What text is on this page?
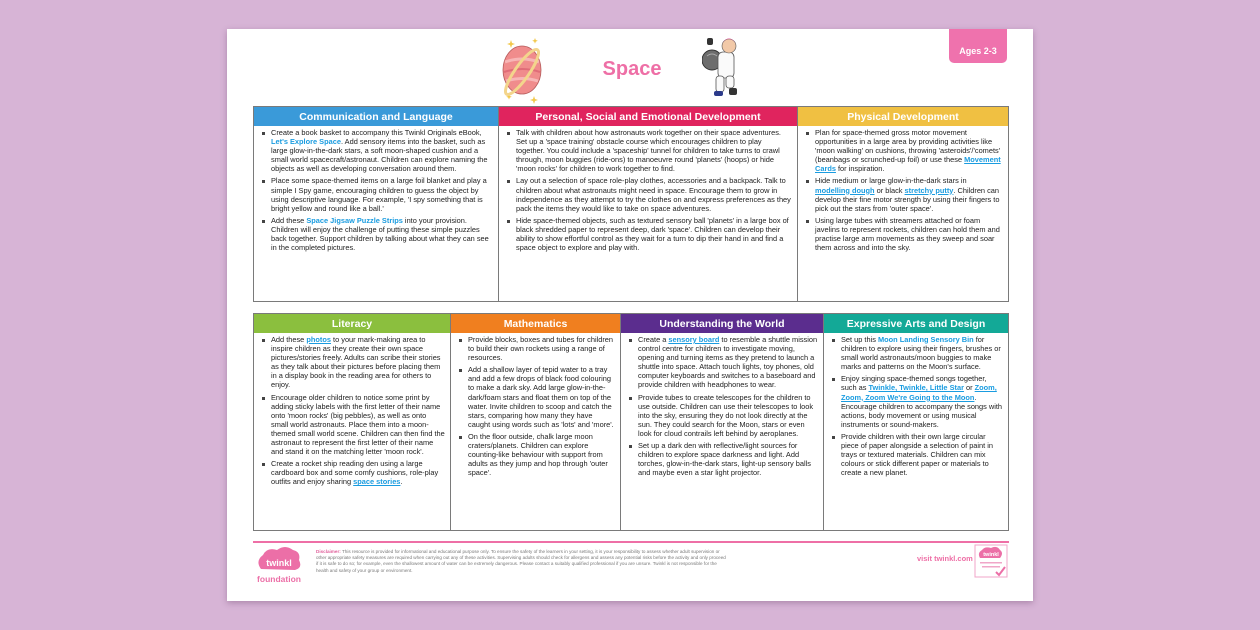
Ages 2-3
Space
Communication and Language
Create a book basket to accompany this Twinkl Originals eBook, Let's Explore Space. Add sensory items into the basket, such as large glow-in-the-dark stars, a soft moon-shaped cushion and a small world spacecraft/astronaut. Children can explore naming the objects as well as developing conversation around them.
Place some space-themed items on a large foil blanket and play a simple I Spy game, encouraging children to guess the object by using descriptive language. For example, 'I spy something that is bright yellow and round like a ball.'
Add these Space Jigsaw Puzzle Strips into your provision. Children will enjoy the challenge of putting these simple puzzles back together. Support children by talking about what they can see in the completed pictures.
Personal, Social and Emotional Development
Talk with children about how astronauts work together on their space adventures. Set up a 'space training' obstacle course which encourages children to play together. You could include a 'spaceship' tunnel for children to take turns to crawl through, moon buggies (ride-ons) to manoeuvre round 'planets' (hoops) or hide 'moon rocks' for children to work together to find.
Lay out a selection of space role-play clothes, accessories and a backpack. Talk to children about what astronauts might need in space. Encourage them to grow in independence as they attempt to try the clothes on and express preferences as they pack the items they would like to take on space adventures.
Hide space-themed objects, such as textured sensory ball 'planets' in a large box of black shredded paper to represent deep, dark 'space'. Children can develop their ability to show effortful control as they wait for a turn to dip their hand in and find a space object to explore and play with.
Physical Development
Plan for space-themed gross motor movement opportunities in a large area by providing activities like 'moon walking' on cushions, throwing 'asteroids'/'comets' (beanbags or scrunched-up foil) or use these Movement Cards for inspiration.
Hide medium or large glow-in-the-dark stars in modelling dough or black stretchy putty. Children can develop their fine motor strength by using their fingers to pick out the stars from 'outer space'.
Using large tubes with streamers attached or foam javelins to represent rockets, children can hold them and practise large arm movements as they sweep and soar them across and into the sky.
Literacy
Add these photos to your mark-making area to inspire children as they create their own space pictures/stories freely. Adults can scribe their stories as they talk about their pictures before placing them in a display book in the reading area for others to enjoy.
Encourage older children to notice some print by adding sticky labels with the first letter of their name onto 'moon rocks' (big pebbles), as well as onto small world astronauts. Place them into a moon-themed small world scene. Children can then find the astronaut to represent the first letter of their name and stand it on the matching letter 'moon rock'.
Create a rocket ship reading den using a large cardboard box and some comfy cushions, role-play outfits and enjoy sharing space stories.
Mathematics
Provide blocks, boxes and tubes for children to build their own rockets using a range of resources.
Add a shallow layer of tepid water to a tray and add a few drops of black food colouring to make a dark sky. Add large glow-in-the-dark/foam stars and float them on top of the water. Invite children to scoop and catch the stars, comparing how many they have caught using words such as 'lots' and 'more'.
On the floor outside, chalk large moon craters/planets. Children can explore counting-like behaviour with support from adults as they jump and hop through 'outer space'.
Understanding the World
Create a sensory board to resemble a shuttle mission control centre for children to investigate moving, opening and turning items as they pretend to launch a shuttle into space. Attach touch lights, toy phones, old computer keyboards and switches to a baseboard and provide children with headphones to wear.
Provide tubes to create telescopes for the children to use outside. Children can use their telescopes to look into the sky, ensuring they do not look directly at the sun. They could search for the Moon, stars or even look for cloud contrails left behind by aeroplanes.
Set up a dark den with reflective/light sources for children to explore space darkness and light. Add torches, glow-in-the-dark stars, light-up sensory balls and maybe even a star light projector.
Expressive Arts and Design
Set up this Moon Landing Sensory Bin for children to explore using their fingers, brushes or small world astronauts/moon buggies to make marks and patterns on the Moon's surface.
Enjoy singing space-themed songs together, such as Twinkle, Twinkle, Little Star or Zoom, Zoom, Zoom We're Going to the Moon. Encourage children to accompany the songs with actions, body movement or using musical instruments or sound-makers.
Provide children with their own large circular piece of paper alongside a selection of paint in trays or textured materials. Children can mix colours or stick different paper or materials to create a new planet.
twinkl
foundation
Disclaimer: This resource is provided for informational and educational purpose only. To ensure the safety of the learners in your setting, it is your responsibility to assess whether adult supervision or other appropriate safety measures are required when carrying out any of these activities. Supervising adults should check for allergens and assess any potential risks before the activity and only proceed if it is safe to do so; for example, even the shallowest amount of water can be extremely dangerous. Please contact a suitably qualified professional if you are unsure. Twinkl is not responsible for the health and safety of your group or environment.
visit twinkl.com twinkl
